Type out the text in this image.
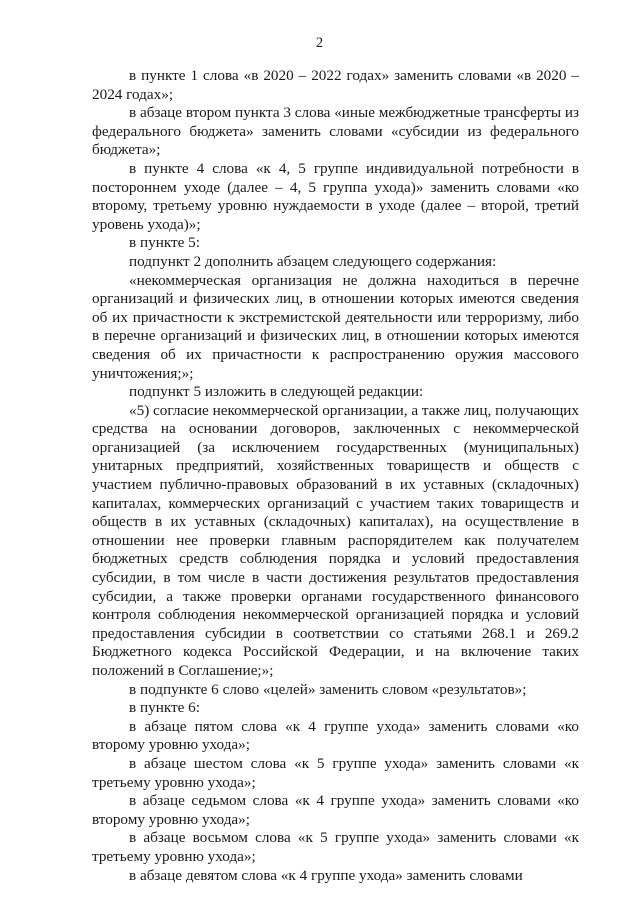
2

в пункте 1 слова «в 2020 – 2022 годах» заменить словами «в 2020 – 2024 годах»;

в абзаце втором пункта 3 слова «иные межбюджетные трансферты из федерального бюджета» заменить словами «субсидии из федерального бюджета»;

в пункте 4 слова «к 4, 5 группе индивидуальной потребности в постороннем уходе (далее – 4, 5 группа ухода)» заменить словами «ко второму, третьему уровню нуждаемости в уходе (далее – второй, третий уровень ухода)»;

в пункте 5:

подпункт 2 дополнить абзацем следующего содержания:

«некоммерческая организация не должна находиться в перечне организаций и физических лиц, в отношении которых имеются сведения об их причастности к экстремистской деятельности или терроризму, либо в перечне организаций и физических лиц, в отношении которых имеются сведения об их причастности к распространению оружия массового уничтожения;»;

подпункт 5 изложить в следующей редакции:

«5) согласие некоммерческой организации, а также лиц, получающих средства на основании договоров, заключенных с некоммерческой организацией (за исключением государственных (муниципальных) унитарных предприятий, хозяйственных товариществ и обществ с участием публично-правовых образований в их уставных (складочных) капиталах, коммерческих организаций с участием таких товариществ и обществ в их уставных (складочных) капиталах), на осуществление в отношении нее проверки главным распорядителем как получателем бюджетных средств соблюдения порядка и условий предоставления субсидии, в том числе в части достижения результатов предоставления субсидии, а также проверки органами государственного финансового контроля соблюдения некоммерческой организацией порядка и условий предоставления субсидии в соответствии со статьями 268.1 и 269.2 Бюджетного кодекса Российской Федерации, и на включение таких положений в Соглашение;»;

в подпункте 6 слово «целей» заменить словом «результатов»;

в пункте 6:

в абзаце пятом слова «к 4 группе ухода» заменить словами «ко второму уровню ухода»;

в абзаце шестом слова «к 5 группе ухода» заменить словами «к третьему уровню ухода»;

в абзаце седьмом слова «к 4 группе ухода» заменить словами «ко второму уровню ухода»;

в абзаце восьмом слова «к 5 группе ухода» заменить словами «к третьему уровню ухода»;

в абзаце девятом слова «к 4 группе ухода» заменить словами
